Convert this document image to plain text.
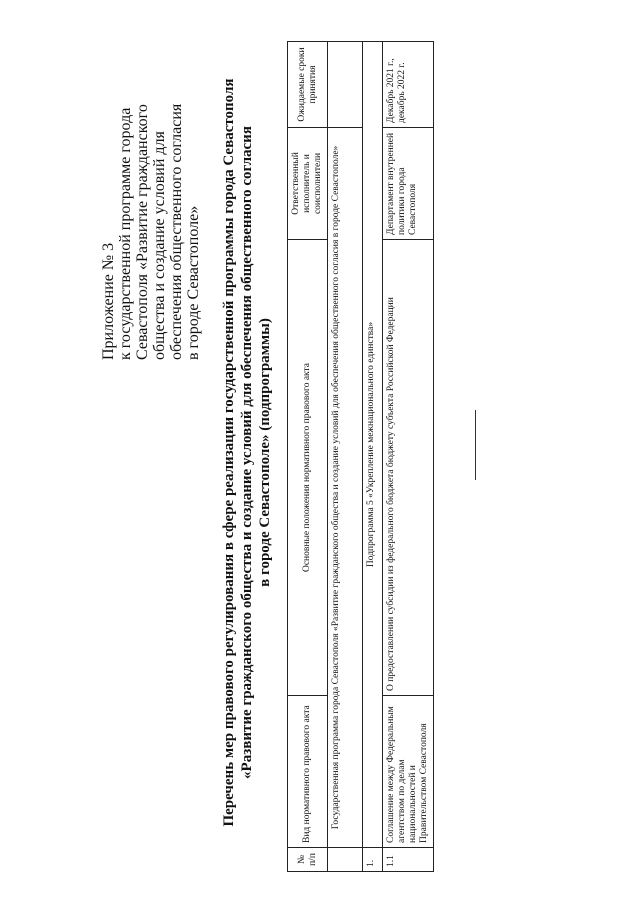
Приложение № 3 к государственной программе города Севастополя «Развитие гражданского общества и создание условий для обеспечения общественного согласия в городе Севастополе» Перечень мер правового регулирования в сфере реализации государственной программы города Севастополя «Развитие гражданского общества и создание условий для обеспечения общественного согласия в городе Севастополе» (подпрограммы)
№ п/п	Вид нормативного правового акта	Основные положения нормативного правового акта	Ответственный исполнитель и соисполнители	Ожидаемые сроки принятия
	Государственная программа города Севастополя «Развитие гражданского общества и создание условий для обеспечения общественного согласия в городе Севастополе»			
1.	Подпрограмма 5 «Укрепление межнационального единства»			
1.1	Соглашение между Федеральным агентством по делам национальностей и Правительством Севастополя	О предоставлении субсидии из федерального бюджета бюджету субъекта Российской Федерации	Департамент внутренней политики города Севастополя	Декабрь 2021 г., декабрь 2022 г.
